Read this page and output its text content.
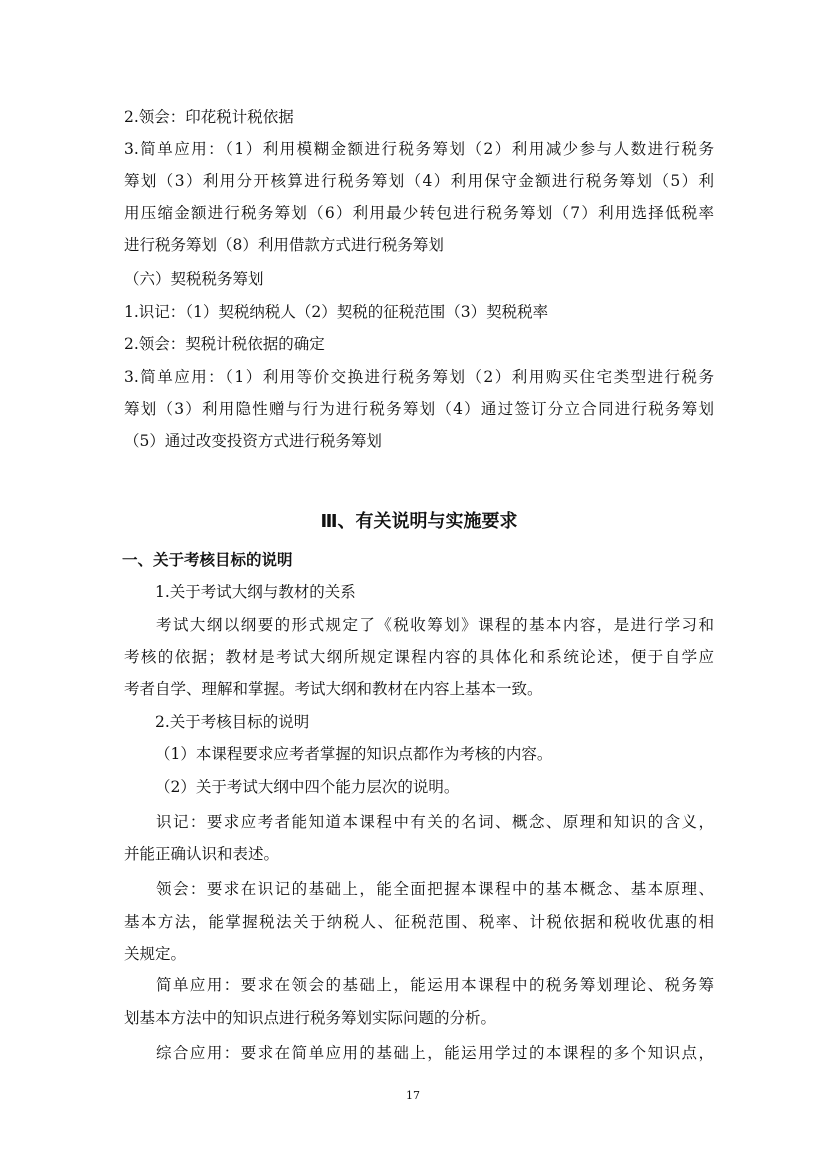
2.领会：印花税计税依据
3.简单应用：（1）利用模糊金额进行税务筹划（2）利用减少参与人数进行税务
筹划（3）利用分开核算进行税务筹划（4）利用保守金额进行税务筹划（5）利
用压缩金额进行税务筹划（6）利用最少转包进行税务筹划（7）利用选择低税率
进行税务筹划（8）利用借款方式进行税务筹划
（六）契税税务筹划
1.识记：（1）契税纳税人（2）契税的征税范围（3）契税税率
2.领会：契税计税依据的确定
3.简单应用：（1）利用等价交换进行税务筹划（2）利用购买住宅类型进行税务
筹划（3）利用隐性赠与行为进行税务筹划（4）通过签订分立合同进行税务筹划
（5）通过改变投资方式进行税务筹划
Ⅲ、有关说明与实施要求
一、关于考核目标的说明
1.关于考试大纲与教材的关系
考试大纲以纲要的形式规定了《税收筹划》课程的基本内容，是进行学习和
考核的依据；教材是考试大纲所规定课程内容的具体化和系统论述，便于自学应
考者自学、理解和掌握。考试大纲和教材在内容上基本一致。
2.关于考核目标的说明
（1）本课程要求应考者掌握的知识点都作为考核的内容。
（2）关于考试大纲中四个能力层次的说明。
识记：要求应考者能知道本课程中有关的名词、概念、原理和知识的含义，
并能正确认识和表述。
领会：要求在识记的基础上，能全面把握本课程中的基本概念、基本原理、
基本方法，能掌握税法关于纳税人、征税范围、税率、计税依据和税收优惠的相
关规定。
简单应用：要求在领会的基础上，能运用本课程中的税务筹划理论、税务筹
划基本方法中的知识点进行税务筹划实际问题的分析。
综合应用：要求在简单应用的基础上，能运用学过的本课程的多个知识点，
17
